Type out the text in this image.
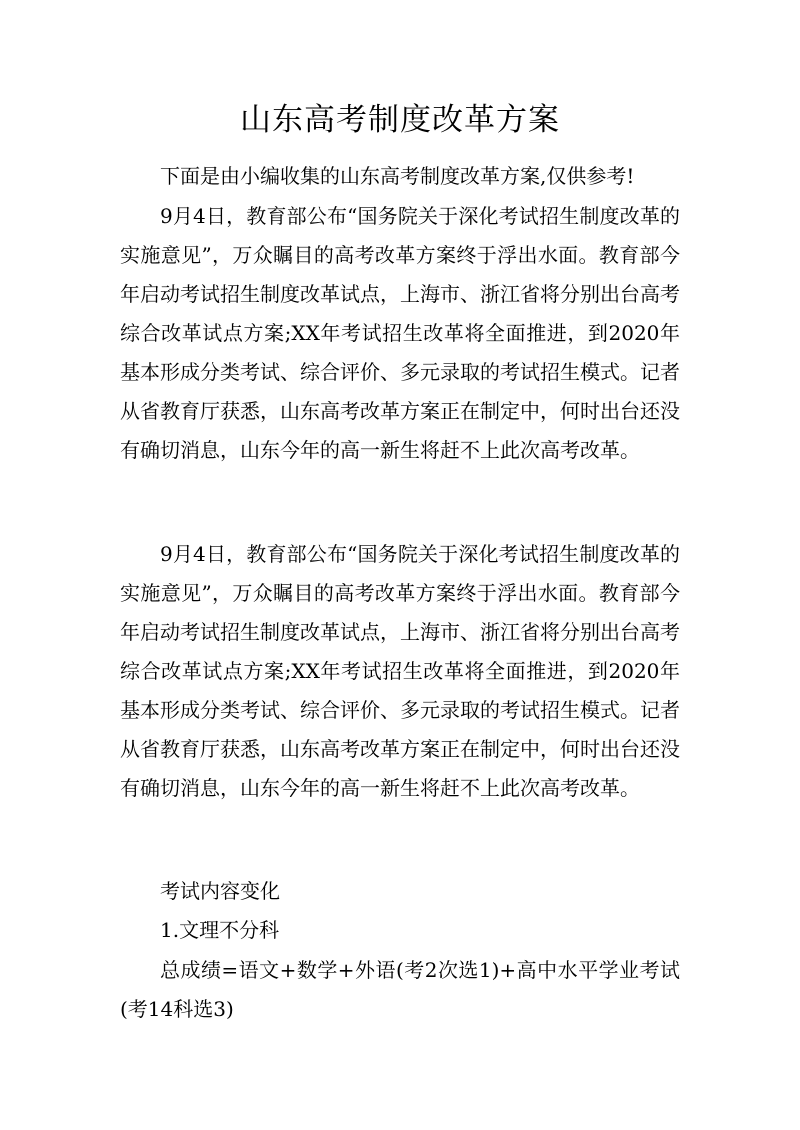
山东高考制度改革方案

下面是由小编收集的山东高考制度改革方案,仅供参考!

9月4日，教育部公布“国务院关于深化考试招生制度改革的实施意见”，万众瞩目的高考改革方案终于浮出水面。教育部今年启动考试招生制度改革试点，上海市、浙江省将分别出台高考综合改革试点方案;XX年考试招生改革将全面推进，到2020年基本形成分类考试、综合评价、多元录取的考试招生模式。记者从省教育厅获悉，山东高考改革方案正在制定中，何时出台还没有确切消息，山东今年的高一新生将赶不上此次高考改革。

9月4日，教育部公布“国务院关于深化考试招生制度改革的实施意见”，万众瞩目的高考改革方案终于浮出水面。教育部今年启动考试招生制度改革试点，上海市、浙江省将分别出台高考综合改革试点方案;XX年考试招生改革将全面推进，到2020年基本形成分类考试、综合评价、多元录取的考试招生模式。记者从省教育厅获悉，山东高考改革方案正在制定中，何时出台还没有确切消息，山东今年的高一新生将赶不上此次高考改革。

考试内容变化

1.文理不分科

总成绩=语文+数学+外语(考2次选1)+高中水平学业考试(考14科选3)
